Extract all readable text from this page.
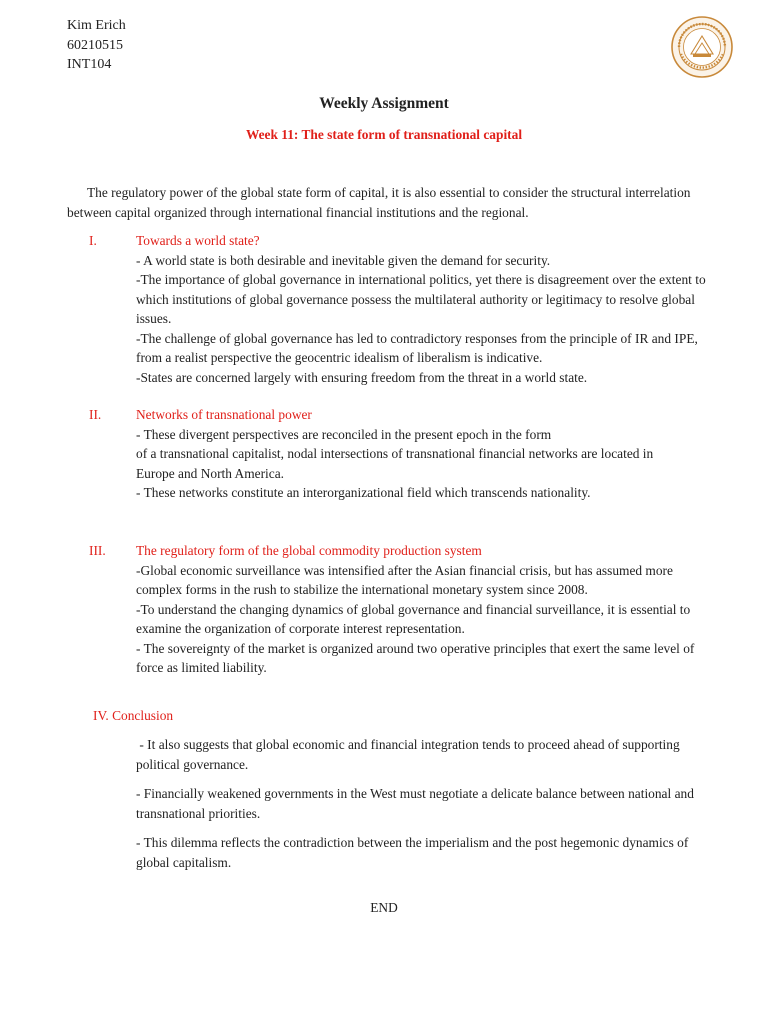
Kim Erich
60210515
INT104
Weekly Assignment
Week 11: The state form of transnational capital
The regulatory power of the global state form of capital, it is also essential to consider the structural interrelation between capital organized through international financial institutions and the regional.
I.	Towards a world state?

- A world state is both desirable and inevitable given the demand for security.

-The importance of global governance in international politics, yet there is disagreement over the extent to which institutions of global governance possess the multilateral authority or legitimacy to resolve global issues.

-The challenge of global governance has led to contradictory responses from the principle of IR and IPE, from a realist perspective the geocentric idealism of liberalism is indicative.

-States are concerned largely with ensuring freedom from the threat in a world state.

II.	Networks of transnational power

- These divergent perspectives are reconciled in the present epoch in the form

of a transnational capitalist, nodal intersections of transnational financial networks are located in Europe and North America.

- These networks constitute an interorganizational field which transcends nationality.

III. The regulatory form of the global commodity production system

-Global economic surveillance was intensified after the Asian financial crisis, but has assumed more complex forms in the rush to stabilize the international monetary system since 2008.

-To understand the changing dynamics of global governance and financial surveillance, it is essential to examine the organization of corporate interest representation.

- The sovereignty of the market is organized around two operative principles that exert the same level of force as limited liability.

IV. Conclusion

- It also suggests that global economic and financial integration tends to proceed ahead of supporting political governance.

- Financially weakened governments in the West must negotiate a delicate balance between national and transnational priorities.

- This dilemma reflects the contradiction between the imperialism and the post hegemonic dynamics of global capitalism.

END
